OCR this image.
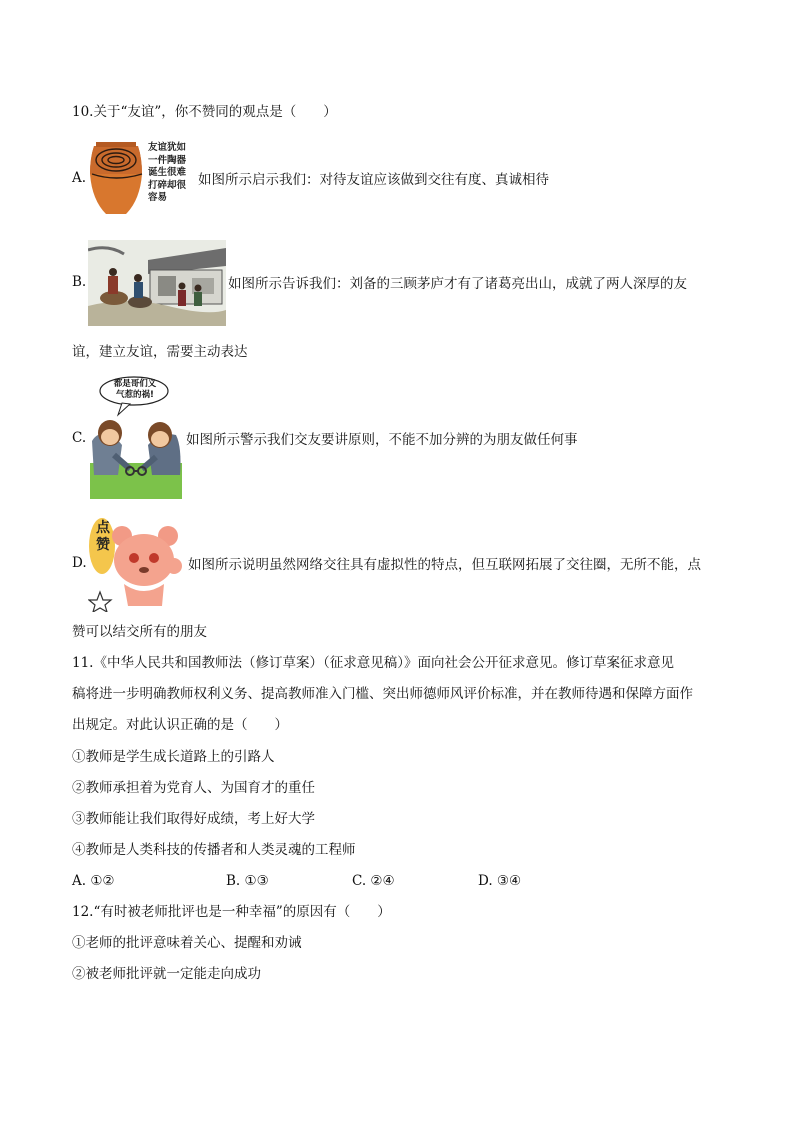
10.关于“友谊”，你不赞同的观点是（　　）
A.
友谊犹如
一件陶器
诞生很难
打碎却很
容易
如图所示启示我们：对待友谊应该做到交往有度、真诚相待
B.	如图所示告诉我们：刘备的三顾茅庐才有了诸葛亮出山，成就了两人深厚的友
谊，建立友谊，需要主动表达
C.
都是哥们义
气惹的祸!
如图所示警示我们交友要讲原则，不能不加分辨的为朋友做任何事
D.
点
赞
如图所示说明虽然网络交往具有虚拟性的特点，但互联网拓展了交往圈，无所不能，点
赞可以结交所有的朋友
11.《中华人民共和国教师法（修订草案）（征求意见稿）》面向社会公开征求意见。修订草案征求意见
稿将进一步明确教师权利义务、提高教师准入门槛、突出师德师风评价标准，并在教师待遇和保障方面作
出规定。对此认识正确的是（　　）
①教师是学生成长道路上的引路人
②教师承担着为党育人、为国育才的重任
③教师能让我们取得好成绩，考上好大学
④教师是人类科技的传播者和人类灵魂的工程师
A. ①②	B. ①③	C. ②④	D. ③④
12.“有时被老师批评也是一种幸福”的原因有（　　）
①老师的批评意味着关心、提醒和劝诫
②被老师批评就一定能走向成功
